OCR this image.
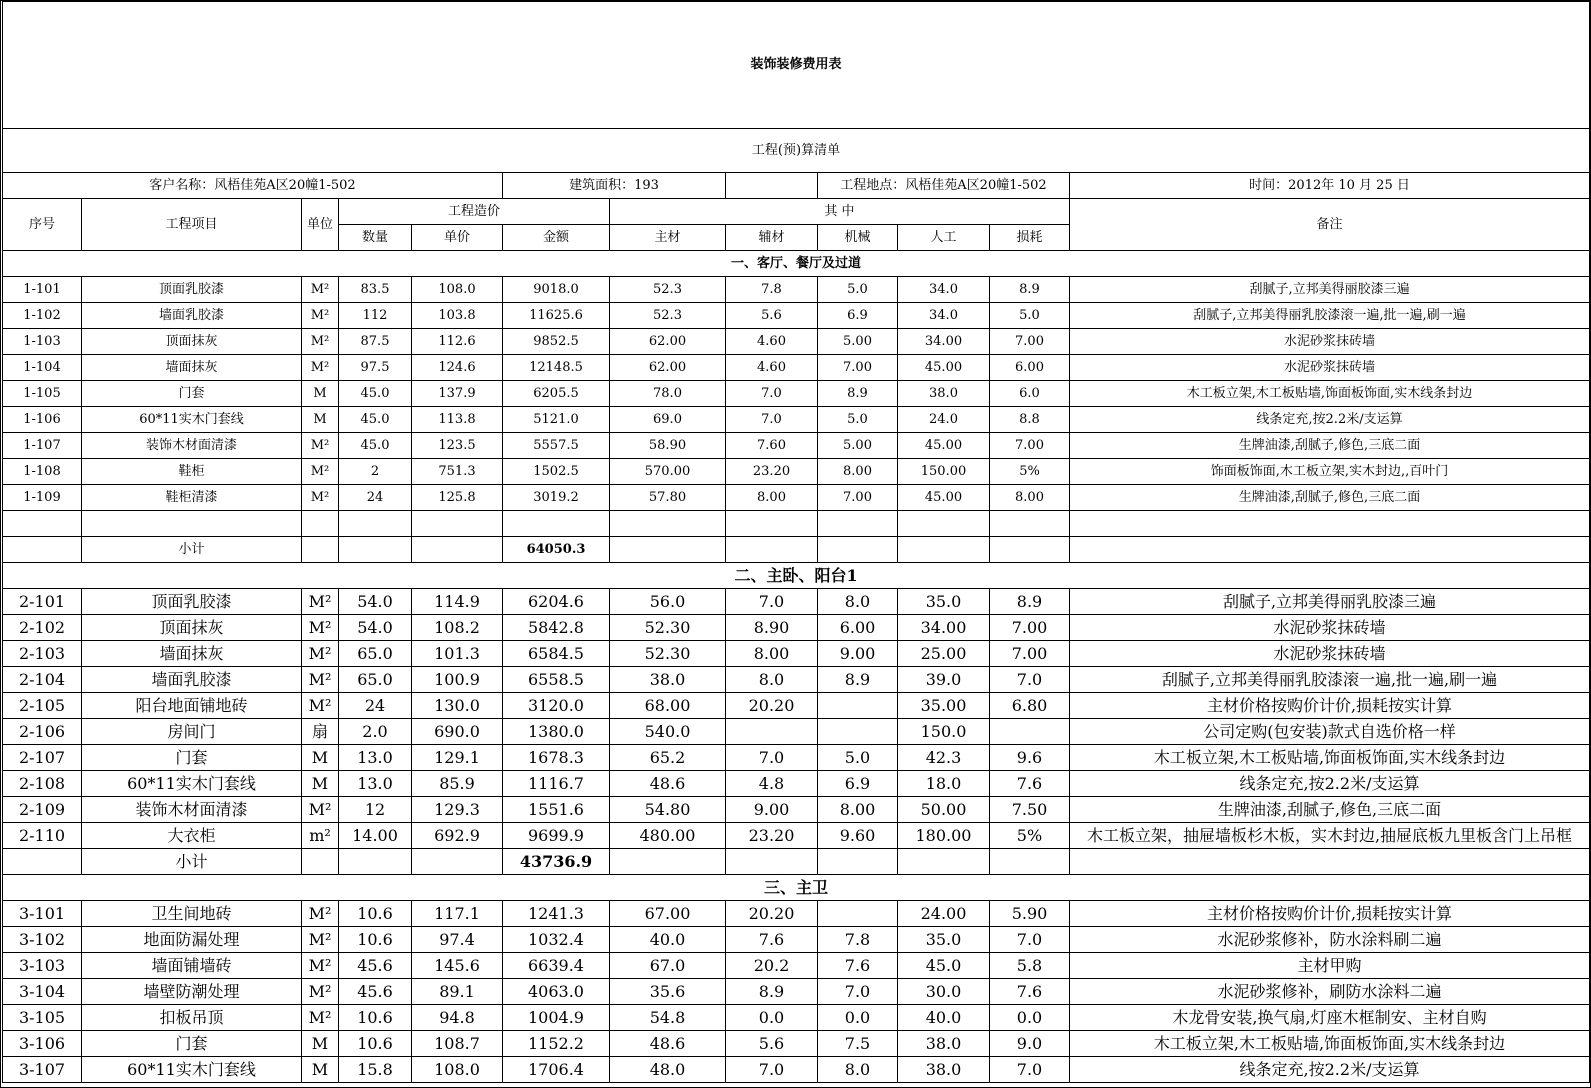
装饰装修费用表											
工程(预)算清单											
客户名称：风梧佳苑A区20幢1-502					建筑面积：193			工程地点：风梧佳苑A区20幢1-502			时间：2012年 10 月 25 日
序号	工程项目	单位	工程造价			其 中					备注
			数量	单价	金额	主材	辅材	机械	人工	损耗	
一、客厅、餐厅及过道											
1-101	顶面乳胶漆	M²	83.5	108.0	9018.0	52.3	7.8	5.0	34.0	8.9	刮腻子,立邦美得丽胶漆三遍
1-102	墙面乳胶漆	M²	112	103.8	11625.6	52.3	5.6	6.9	34.0	5.0	刮腻子,立邦美得丽乳胶漆滚一遍,批一遍,刷一遍
1-103	顶面抹灰	M²	87.5	112.6	9852.5	62.00	4.60	5.00	34.00	7.00	水泥砂浆抹砖墙
1-104	墙面抹灰	M²	97.5	124.6	12148.5	62.00	4.60	7.00	45.00	6.00	水泥砂浆抹砖墙
1-105	门套	M	45.0	137.9	6205.5	78.0	7.0	8.9	38.0	6.0	木工板立架,木工板贴墙,饰面板饰面,实木线条封边
1-106	60*11实木门套线	M	45.0	113.8	5121.0	69.0	7.0	5.0	24.0	8.8	线条定充,按2.2米/支运算
1-107	装饰木材面清漆	M²	45.0	123.5	5557.5	58.90	7.60	5.00	45.00	7.00	生牌油漆,刮腻子,修色,三底二面
1-108	鞋柜	M²	2	751.3	1502.5	570.00	23.20	8.00	150.00	5%	饰面板饰面,木工板立架,实木封边,,百叶门
1-109	鞋柜清漆	M²	24	125.8	3019.2	57.80	8.00	7.00	45.00	8.00	生牌油漆,刮腻子,修色,三底二面

	小计				64050.3						
二、主卧、阳台1											
2-101	顶面乳胶漆	M²	54.0	114.9	6204.6	56.0	7.0	8.0	35.0	8.9	刮腻子,立邦美得丽乳胶漆三遍
2-102	顶面抹灰	M²	54.0	108.2	5842.8	52.30	8.90	6.00	34.00	7.00	水泥砂浆抹砖墙
2-103	墙面抹灰	M²	65.0	101.3	6584.5	52.30	8.00	9.00	25.00	7.00	水泥砂浆抹砖墙
2-104	墙面乳胶漆	M²	65.0	100.9	6558.5	38.0	8.0	8.9	39.0	7.0	刮腻子,立邦美得丽乳胶漆滚一遍,批一遍,刷一遍
2-105	阳台地面铺地砖	M²	24	130.0	3120.0	68.00	20.20		35.00	6.80	主材价格按购价计价,损耗按实计算
2-106	房间门	扇	2.0	690.0	1380.0	540.0			150.0		公司定购(包安装)款式自选价格一样
2-107	门套	M	13.0	129.1	1678.3	65.2	7.0	5.0	42.3	9.6	木工板立架,木工板贴墙,饰面板饰面,实木线条封边
2-108	60*11实木门套线	M	13.0	85.9	1116.7	48.6	4.8	6.9	18.0	7.6	线条定充,按2.2米/支运算
2-109	装饰木材面清漆	M²	12	129.3	1551.6	54.80	9.00	8.00	50.00	7.50	生牌油漆,刮腻子,修色,三底二面
2-110	大衣柜	m²	14.00	692.9	9699.9	480.00	23.20	9.60	180.00	5%	木工板立架，抽屉墙板杉木板，实木封边,抽屉底板九里板含门上吊框
	小计				43736.9						
三、主卫											
3-101	卫生间地砖	M²	10.6	117.1	1241.3	67.00	20.20		24.00	5.90	主材价格按购价计价,损耗按实计算
3-102	地面防漏处理	M²	10.6	97.4	1032.4	40.0	7.6	7.8	35.0	7.0	水泥砂浆修补，防水涂料刷二遍
3-103	墙面铺墙砖	M²	45.6	145.6	6639.4	67.0	20.2	7.6	45.0	5.8	主材甲购
3-104	墙壁防潮处理	M²	45.6	89.1	4063.0	35.6	8.9	7.0	30.0	7.6	水泥砂浆修补，刷防水涂料二遍
3-105	扣板吊顶	M²	10.6	94.8	1004.9	54.8	0.0	0.0	40.0	0.0	木龙骨安装,换气扇,灯座木框制安、主材自购
3-106	门套	M	10.6	108.7	1152.2	48.6	5.6	7.5	38.0	9.0	木工板立架,木工板贴墙,饰面板饰面,实木线条封边
3-107	60*11实木门套线	M	15.8	108.0	1706.4	48.0	7.0	8.0	38.0	7.0	线条定充,按2.2米/支运算
